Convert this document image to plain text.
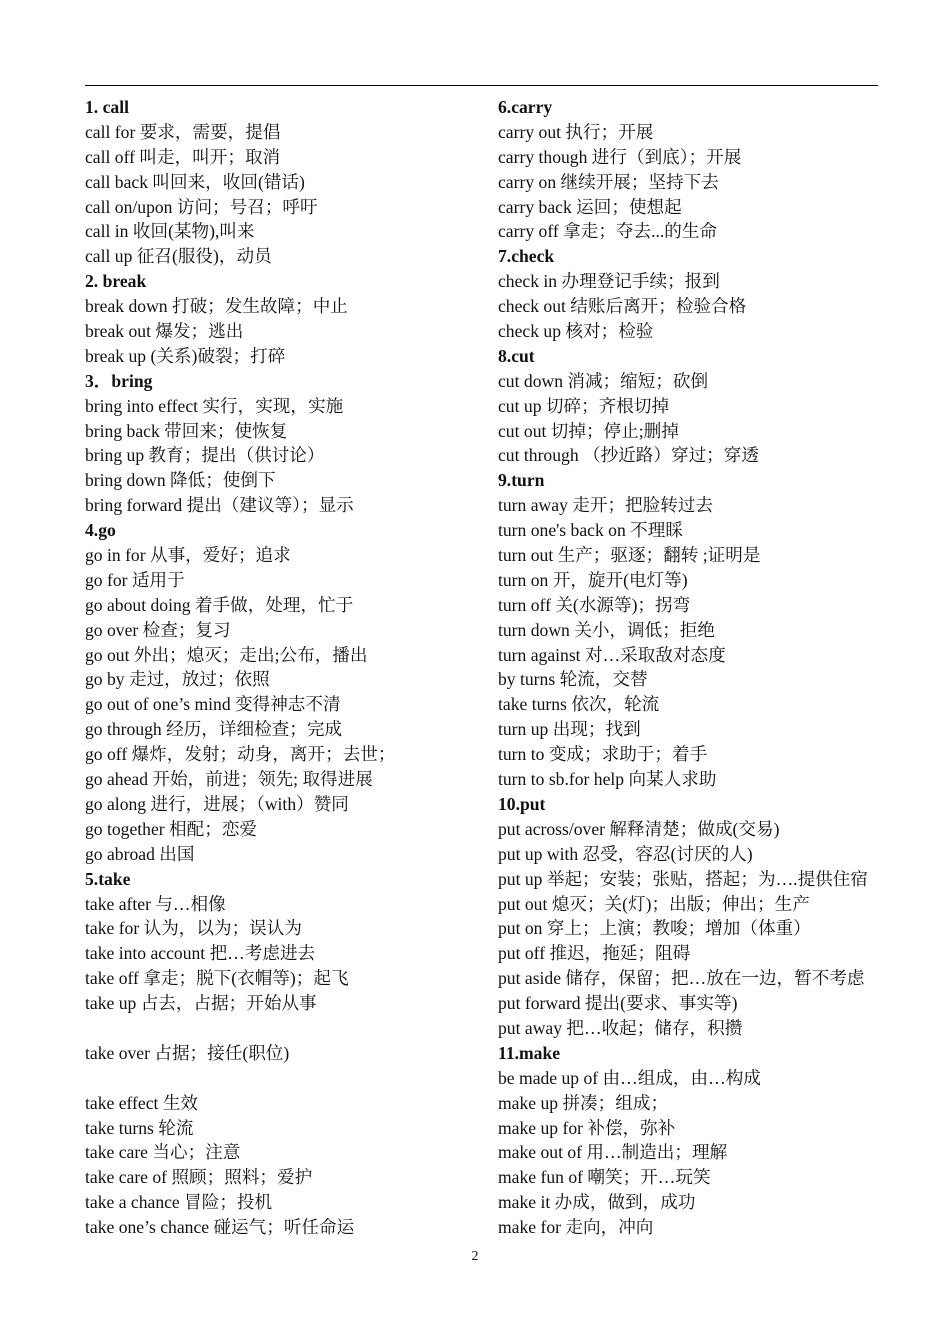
1. call
call for 要求，需要，提倡
call off 叫走，叫开；取消
call back 叫回来，收回(错话)
call on/upon 访问；号召；呼吁
call in 收回(某物),叫来
call up 征召(服役)，动员
2. break
break down 打破；发生故障；中止
break out 爆发；逃出
break up (关系)破裂；打碎
3．bring
bring into effect 实行，实现，实施
bring back 带回来；使恢复
bring up 教育；提出（供讨论）
bring down 降低；使倒下
bring forward 提出（建议等）；显示
4.go
go in for 从事，爱好；追求
go for 适用于
go about doing 着手做，处理，忙于
go over 检查；复习
go out 外出；熄灭；走出;公布，播出
go by 走过，放过；依照
go out of one’s mind 变得神志不清
go through 经历，详细检查；完成
go off 爆炸，发射；动身，离开；去世；
go ahead 开始，前进；领先; 取得进展
go along 进行，进展；（with）赞同
go together 相配；恋爱
go abroad 出国
5.take
take after 与…相像
take for 认为，以为；误认为
take into account 把…考虑进去
take off 拿走；脱下(衣帽等)；起飞
take up 占去，占据；开始从事
take over 占据；接任(职位)
take effect 生效
take turns 轮流
take care 当心；注意
take care of 照顾；照料；爱护
take a chance 冒险；投机
take one’s chance 碰运气；听任命运
6.carry
carry out 执行；开展
carry though 进行（到底）；开展
carry on 继续开展；坚持下去
carry back 运回；使想起
carry off 拿走；夺去...的生命
7.check
check in 办理登记手续；报到
check out 结账后离开；检验合格
check up 核对；检验
8.cut
cut down 消减；缩短；砍倒
cut up 切碎；齐根切掉
cut out 切掉；停止;删掉
cut through （抄近路）穿过；穿透
9.turn
turn away 走开；把脸转过去
turn one's back on 不理睬
turn out 生产；驱逐；翻转 ;证明是
turn on 开，旋开(电灯等)
turn off 关(水源等)；拐弯
turn down 关小，调低；拒绝
turn against 对…采取敌对态度
by turns 轮流，交替
take turns 依次，轮流
turn up 出现；找到
turn to 变成；求助于；着手
turn to sb.for help 向某人求助
10.put
put across/over 解释清楚；做成(交易)
put up with 忍受，容忍(讨厌的人)
put up 举起；安装；张贴，搭起；为….提供住宿
put out 熄灭；关(灯)；出版；伸出；生产
put on 穿上；上演；教唆；增加（体重）
put off 推迟，拖延；阻碍
put aside 储存，保留；把…放在一边，暂不考虑
put forward 提出(要求、事实等)
put away 把…收起；储存，积攒
11.make
be made up of 由…组成，由…构成
make up 拼凑；组成；
make up for 补偿，弥补
make out of 用…制造出；理解
make fun of 嘲笑；开…玩笑
make it 办成，做到，成功
make for 走向，冲向
2
